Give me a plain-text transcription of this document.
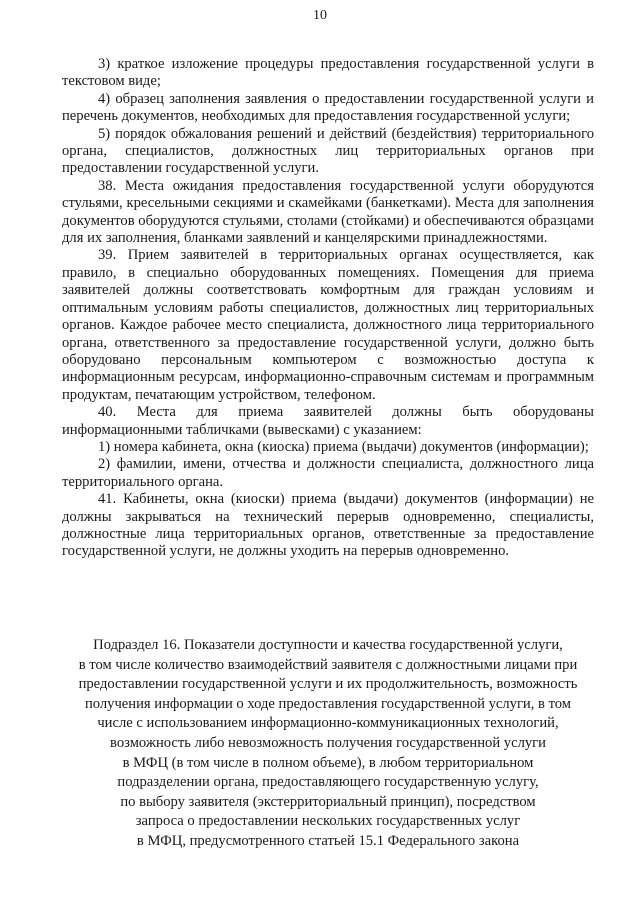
10

3) краткое изложение процедуры предоставления государственной услуги в текстовом виде;

4) образец заполнения заявления о предоставлении государственной услуги и перечень документов, необходимых для предоставления государственной услуги;

5) порядок обжалования решений и действий (бездействия) территориального органа, специалистов, должностных лиц территориальных органов при предоставлении государственной услуги.

38. Места ожидания предоставления государственной услуги оборудуются стульями, кресельными секциями и скамейками (банкетками). Места для заполнения документов оборудуются стульями, столами (стойками) и обеспечиваются образцами для их заполнения, бланками заявлений и канцелярскими принадлежностями.

39. Прием заявителей в территориальных органах осуществляется, как правило, в специально оборудованных помещениях. Помещения для приема заявителей должны соответствовать комфортным для граждан условиям и оптимальным условиям работы специалистов, должностных лиц территориальных органов. Каждое рабочее место специалиста, должностного лица территориального органа, ответственного за предоставление государственной услуги, должно быть оборудовано персональным компьютером с возможностью доступа к информационным ресурсам, информационно-справочным системам и программным продуктам, печатающим устройством, телефоном.

40. Места для приема заявителей должны быть оборудованы информационными табличками (вывесками) с указанием:

1) номера кабинета, окна (киоска) приема (выдачи) документов (информации);

2) фамилии, имени, отчества и должности специалиста, должностного лица территориального органа.

41. Кабинеты, окна (киоски) приема (выдачи) документов (информации) не должны закрываться на технический перерыв одновременно, специалисты, должностные лица территориальных органов, ответственные за предоставление государственной услуги, не должны уходить на перерыв одновременно.

Подраздел 16. Показатели доступности и качества государственной услуги,
в том числе количество взаимодействий заявителя с должностными лицами при
предоставлении государственной услуги и их продолжительность, возможность
получения информации о ходе предоставления государственной услуги, в том
числе с использованием информационно-коммуникационных технологий,
возможность либо невозможность получения государственной услуги
в МФЦ (в том числе в полном объеме), в любом территориальном
подразделении органа, предоставляющего государственную услугу,
по выбору заявителя (экстерриториальный принцип), посредством
запроса о предоставлении нескольких государственных услуг
в МФЦ, предусмотренного статьей 15.1 Федерального закона
